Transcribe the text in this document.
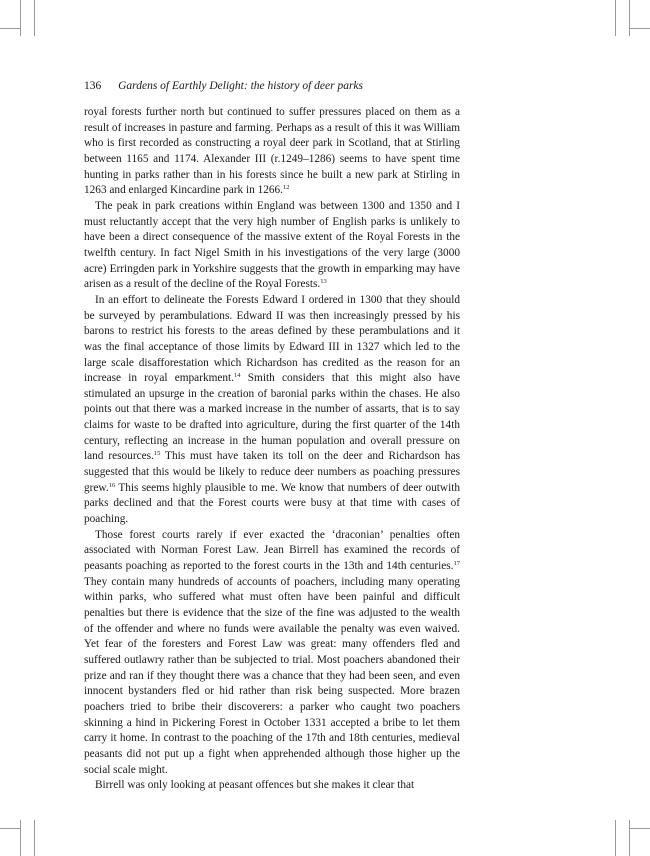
136 Gardens of Earthly Delight: the history of deer parks

royal forests further north but continued to suffer pressures placed on them as a result of increases in pasture and farming. Perhaps as a result of this it was William who is first recorded as constructing a royal deer park in Scotland, that at Stirling between 1165 and 1174. Alexander III (r.1249–1286) seems to have spent time hunting in parks rather than in his forests since he built a new park at Stirling in 1263 and enlarged Kincardine park in 1266.12

The peak in park creations within England was between 1300 and 1350 and I must reluctantly accept that the very high number of English parks is unlikely to have been a direct consequence of the massive extent of the Royal Forests in the twelfth century. In fact Nigel Smith in his investigations of the very large (3000 acre) Erringden park in Yorkshire suggests that the growth in emparking may have arisen as a result of the decline of the Royal Forests.$^{13}$

In an effort to delineate the Forests Edward I ordered in 1300 that they should be surveyed by perambulations. Edward II was then increasingly pressed by his barons to restrict his forests to the areas defined by these perambulations and it was the final acceptance of those limits by Edward III in 1327 which led to the large scale disafforestation which Richardson has credited as the reason for an increase in royal emparkment.$^{14}$ Smith considers that this might also have stimulated an upsurge in the creation of baronial parks within the chases. He also points out that there was a marked increase in the number of assarts, that is to say claims for waste to be drafted into agriculture, during the first quarter of the 14th century, reflecting an increase in the human population and overall pressure on land resources.$^{15}$ This must have taken its toll on the deer and Richardson has suggested that this would be likely to reduce deer numbers as poaching pressures grew.$^{16}$ This seems highly plausible to me. We know that numbers of deer outwith parks declined and that the Forest courts were busy at that time with cases of poaching.

Those forest courts rarely if ever exacted the ‘draconian’ penalties often associated with Norman Forest Law. Jean Birrell has examined the records of peasants poaching as reported to the forest courts in the 13th and 14th centuries.$^{17}$ They contain many hundreds of accounts of poachers, including many operating within parks, who suffered what must often have been painful and difficult penalties but there is evidence that the size of the fine was adjusted to the wealth of the offender and where no funds were available the penalty was even waived. Yet fear of the foresters and Forest Law was great: many offenders fled and suffered outlawry rather than be subjected to trial. Most poachers abandoned their prize and ran if they thought there was a chance that they had been seen, and even innocent bystanders fled or hid rather than risk being suspected. More brazen poachers tried to bribe their discoverers: a parker who caught two poachers skinning a hind in Pickering Forest in October 1331 accepted a bribe to let them carry it home. In contrast to the poaching of the 17th and 18th centuries, medieval peasants did not put up a fight when apprehended although those higher up the social scale might.

Birrell was only looking at peasant offences but she makes it clear that
